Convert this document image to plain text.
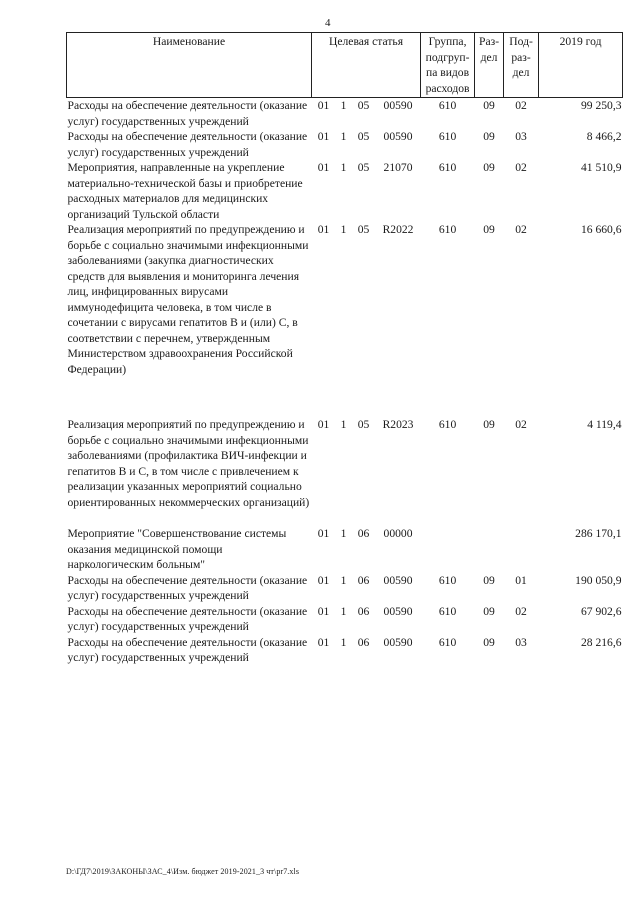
4
Наименование	Целевая статья				Группа, подгруп-па видов расходов	Раз-дел	Под-раз-дел	2019 год
Расходы на обеспечение деятельности (оказание услуг) государственных учреждений	01	1	05	00590	610	09	02	99 250,3
Расходы на обеспечение деятельности (оказание услуг) государственных учреждений	01	1	05	00590	610	09	03	8 466,2
Мероприятия, направленные на укрепление материально-технической базы и приобретение расходных материалов для медицинских организаций Тульской области	01	1	05	21070	610	09	02	41 510,9
Реализация мероприятий по предупреждению и борьбе с социально значимыми инфекционными заболеваниями (закупка диагностических средств для выявления и мониторинга лечения лиц, инфицированных вирусами иммунодефицита человека, в том числе в сочетании с вирусами гепатитов В и (или) С, в соответствии с перечнем, утвержденным Министерством здравоохранения Российской Федерации)	01	1	05	R2022	610	09	02	16 660,6

Реализация мероприятий по предупреждению и борьбе с социально значимыми инфекционными заболеваниями (профилактика ВИЧ-инфекции и гепатитов В и С, в том числе с привлечением к реализации указанных мероприятий социально ориентированных некоммерческих организаций)	01	1	05	R2023	610	09	02	4 119,4

Мероприятие "Совершенствование системы оказания медицинской помощи наркологическим больным"	01	1	06	00000				286 170,1
Расходы на обеспечение деятельности (оказание услуг) государственных учреждений	01	1	06	00590	610	09	01	190 050,9
Расходы на обеспечение деятельности (оказание услуг) государственных учреждений	01	1	06	00590	610	09	02	67 902,6
Расходы на обеспечение деятельности (оказание услуг) государственных учреждений	01	1	06	00590	610	09	03	28 216,6
D:\ГД7\2019\ЗАКОНЫ\ЗАС_4\Изм. бюджет 2019-2021_3 чт\pr7.xls
